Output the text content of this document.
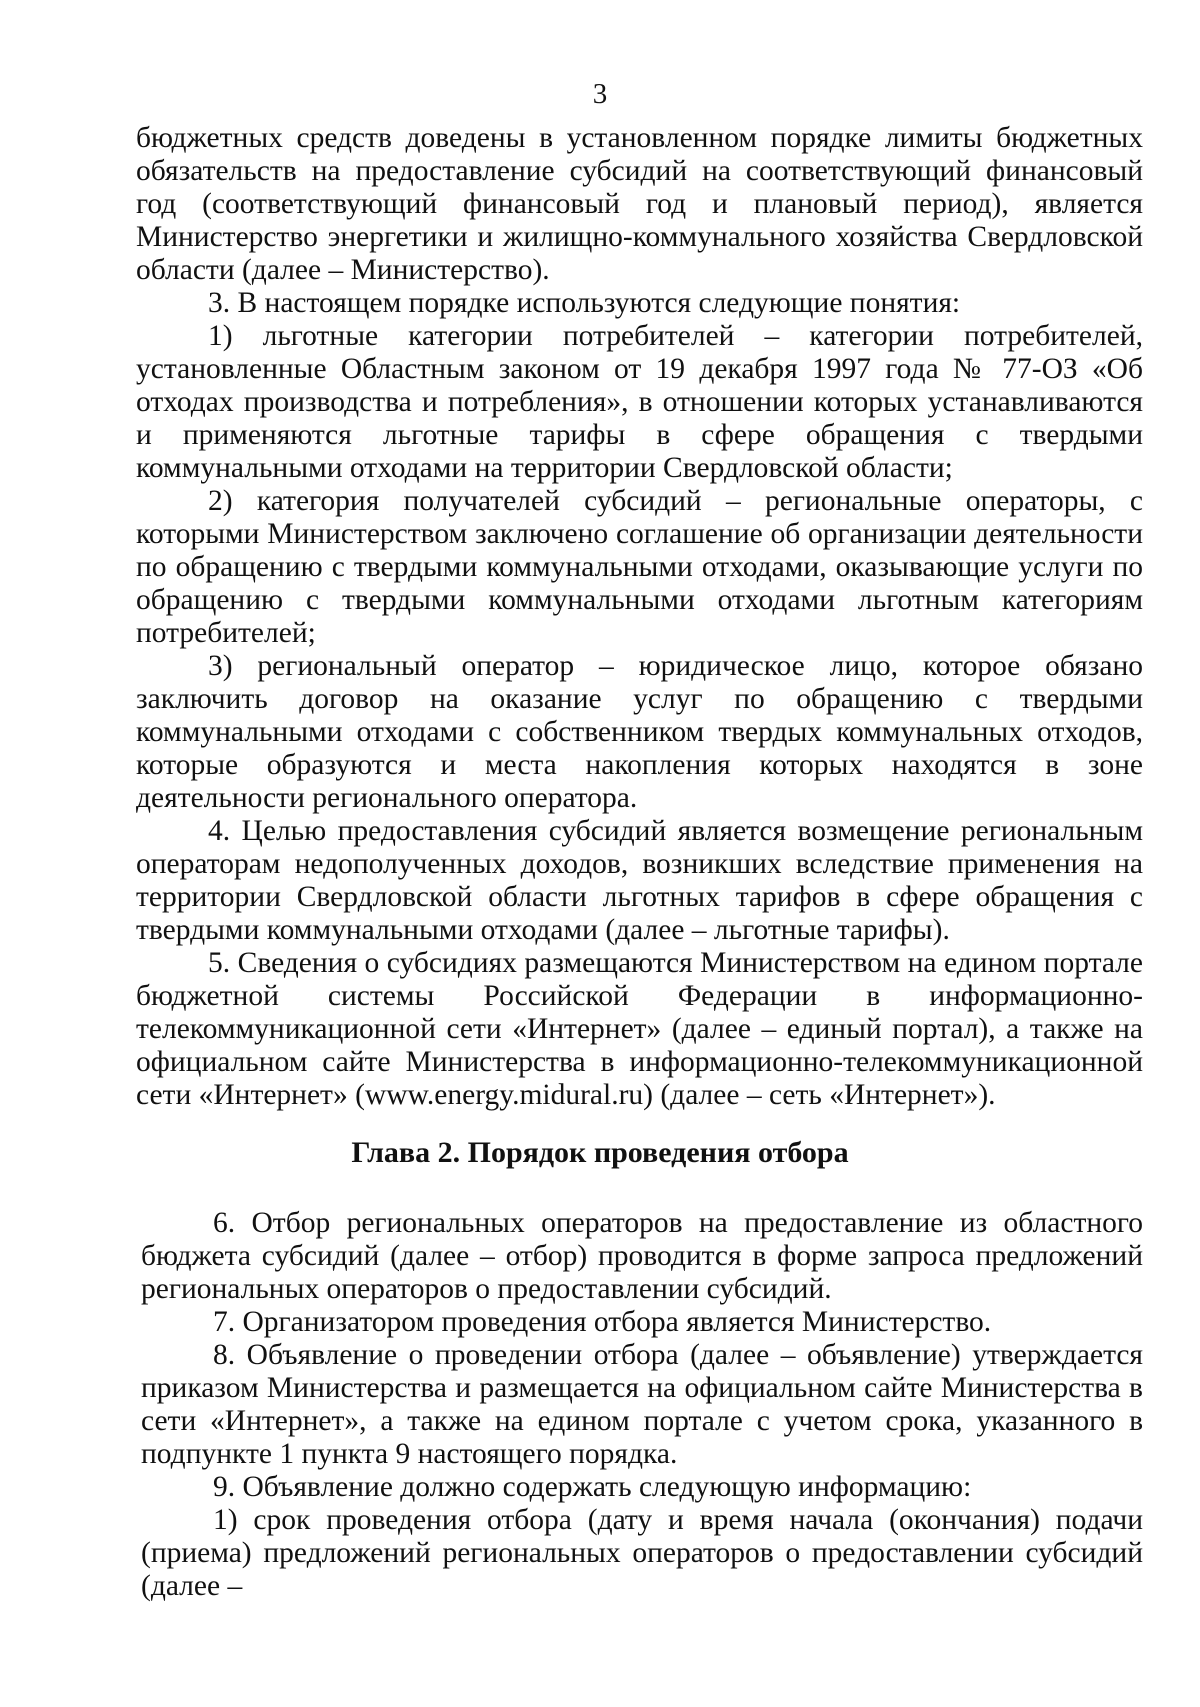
3

бюджетных средств доведены в установленном порядке лимиты бюджетных обязательств на предоставление субсидий на соответствующий финансовый год (соответствующий финансовый год и плановый период), является Министерство энергетики и жилищно-коммунального хозяйства Свердловской области (далее – Министерство).

3. В настоящем порядке используются следующие понятия:

1) льготные категории потребителей – категории потребителей, установленные Областным законом от 19 декабря 1997 года № 77-ОЗ «Об отходах производства и потребления», в отношении которых устанавливаются и применяются льготные тарифы в сфере обращения с твердыми коммунальными отходами на территории Свердловской области;

2) категория получателей субсидий – региональные операторы, с которыми Министерством заключено соглашение об организации деятельности по обращению с твердыми коммунальными отходами, оказывающие услуги по обращению с твердыми коммунальными отходами льготным категориям потребителей;

3) региональный оператор – юридическое лицо, которое обязано заключить договор на оказание услуг по обращению с твердыми коммунальными отходами с собственником твердых коммунальных отходов, которые образуются и места накопления которых находятся в зоне деятельности регионального оператора.

4. Целью предоставления субсидий является возмещение региональным операторам недополученных доходов, возникших вследствие применения на территории Свердловской области льготных тарифов в сфере обращения с твердыми коммунальными отходами (далее – льготные тарифы).

5. Сведения о субсидиях размещаются Министерством на едином портале бюджетной системы Российской Федерации в информационно-телекоммуникационной сети «Интернет» (далее – единый портал), а также на официальном сайте Министерства в информационно-телекоммуникационной сети «Интернет» (www.energy.midural.ru) (далее – сеть «Интернет»).

Глава 2. Порядок проведения отбора

6. Отбор региональных операторов на предоставление из областного бюджета субсидий (далее – отбор) проводится в форме запроса предложений региональных операторов о предоставлении субсидий.

7. Организатором проведения отбора является Министерство.

8. Объявление о проведении отбора (далее – объявление) утверждается приказом Министерства и размещается на официальном сайте Министерства в сети «Интернет», а также на едином портале с учетом срока, указанного в подпункте 1 пункта 9 настоящего порядка.

9. Объявление должно содержать следующую информацию:

1) срок проведения отбора (дату и время начала (окончания) подачи (приема) предложений региональных операторов о предоставлении субсидий (далее –
